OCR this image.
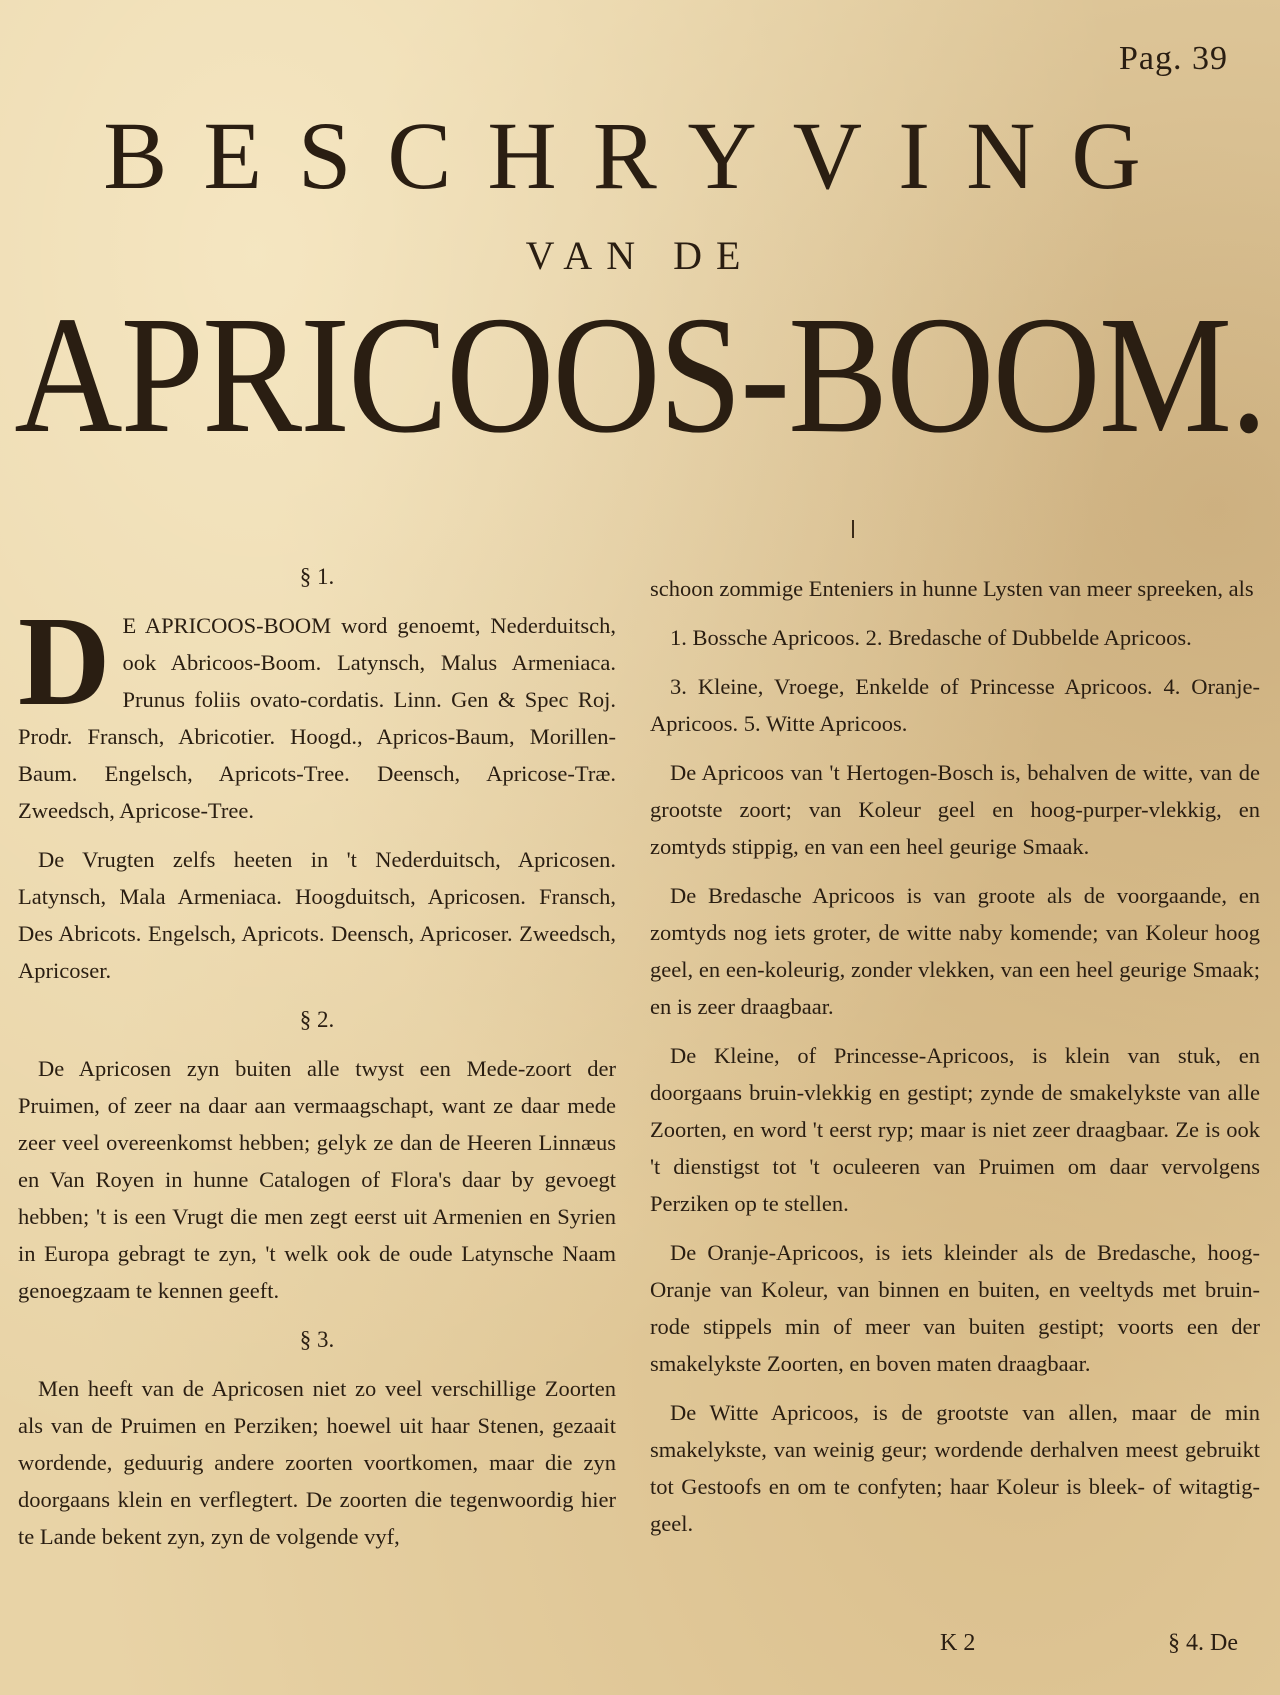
Pag. 39
BESCHRYVING
VAN DE
APRICOOS-BOOM.
§ 1.

D E APRICOOS-BOOM word genoemt, Nederduitsch, ook Abricoos-Boom. Latynsch, Malus Armeniaca. Prunus foliis ovato-cordatis. Linn. Gen & Spec Roj. Prodr. Fransch, Abricotier. Hoogd., Apricos-Baum, Morillen-Baum. Engelsch, Apricots-Tree. Deensch, Apricose-Træ. Zweedsch, Apricose-Tree.

De Vrugten zelfs heeten in 't Nederduitsch, Apricosen. Latynsch, Mala Armeniaca. Hoogduitsch, Apricosen. Fransch, Des Abricots. Engelsch, Apricots. Deensch, Apricoser. Zweedsch, Apricoser.

§ 2.

De Apricosen zyn buiten alle twyst een Mede-zoort der Pruimen, of zeer na daar aan vermaagschapt, want ze daar mede zeer veel overeenkomst hebben; gelyk ze dan de Heeren Linnæus en Van Royen in hunne Catalogen of Flora's daar by gevoegt hebben; 't is een Vrugt die men zegt eerst uit Armenien en Syrien in Europa gebragt te zyn, 't welk ook de oude Latynsche Naam genoegzaam te kennen geeft.

§ 3.

Men heeft van de Apricosen niet zo veel verschillige Zoorten als van de Pruimen en Perziken; hoewel uit haar Stenen, gezaait wordende, geduurig andere zoorten voortkomen, maar die zyn doorgaans klein en verflegtert. De zoorten die tegenwoordig hier te Lande bekent zyn, zyn de volgende vyf,

schoon zommige Enteniers in hunne Lysten van meer spreeken, als

1. Bossche Apricoos. 2. Bredasche of Dubbelde Apricoos.

3. Kleine, Vroege, Enkelde of Princesse Apricoos. 4. Oranje-Apricoos. 5. Witte Apricoos.

De Apricoos van 't Hertogen-Bosch is, behalven de witte, van de grootste zoort; van Koleur geel en hoog-purper-vlekkig, en zomtyds stippig, en van een heel geurige Smaak.

De Bredasche Apricoos is van groote als de voorgaande, en zomtyds nog iets groter, de witte naby komende; van Koleur hoog geel, en een-koleurig, zonder vlekken, van een heel geurige Smaak; en is zeer draagbaar.

De Kleine, of Princesse-Apricoos, is klein van stuk, en doorgaans bruin-vlekkig en gestipt; zynde de smakelykste van alle Zoorten, en word 't eerst ryp; maar is niet zeer draagbaar. Ze is ook 't dienstigst tot 't oculeeren van Pruimen om daar vervolgens Perziken op te stellen.

De Oranje-Apricoos, is iets kleinder als de Bredasche, hoog-Oranje van Koleur, van binnen en buiten, en veeltyds met bruin-rode stippels min of meer van buiten gestipt; voorts een der smakelykste Zoorten, en boven maten draagbaar.

De Witte Apricoos, is de grootste van allen, maar de min smakelykste, van weinig geur; wordende derhalven meest gebruikt tot Gestoofs en om te confyten; haar Koleur is bleek- of witagtig-geel.

K 2	§ 4. De
